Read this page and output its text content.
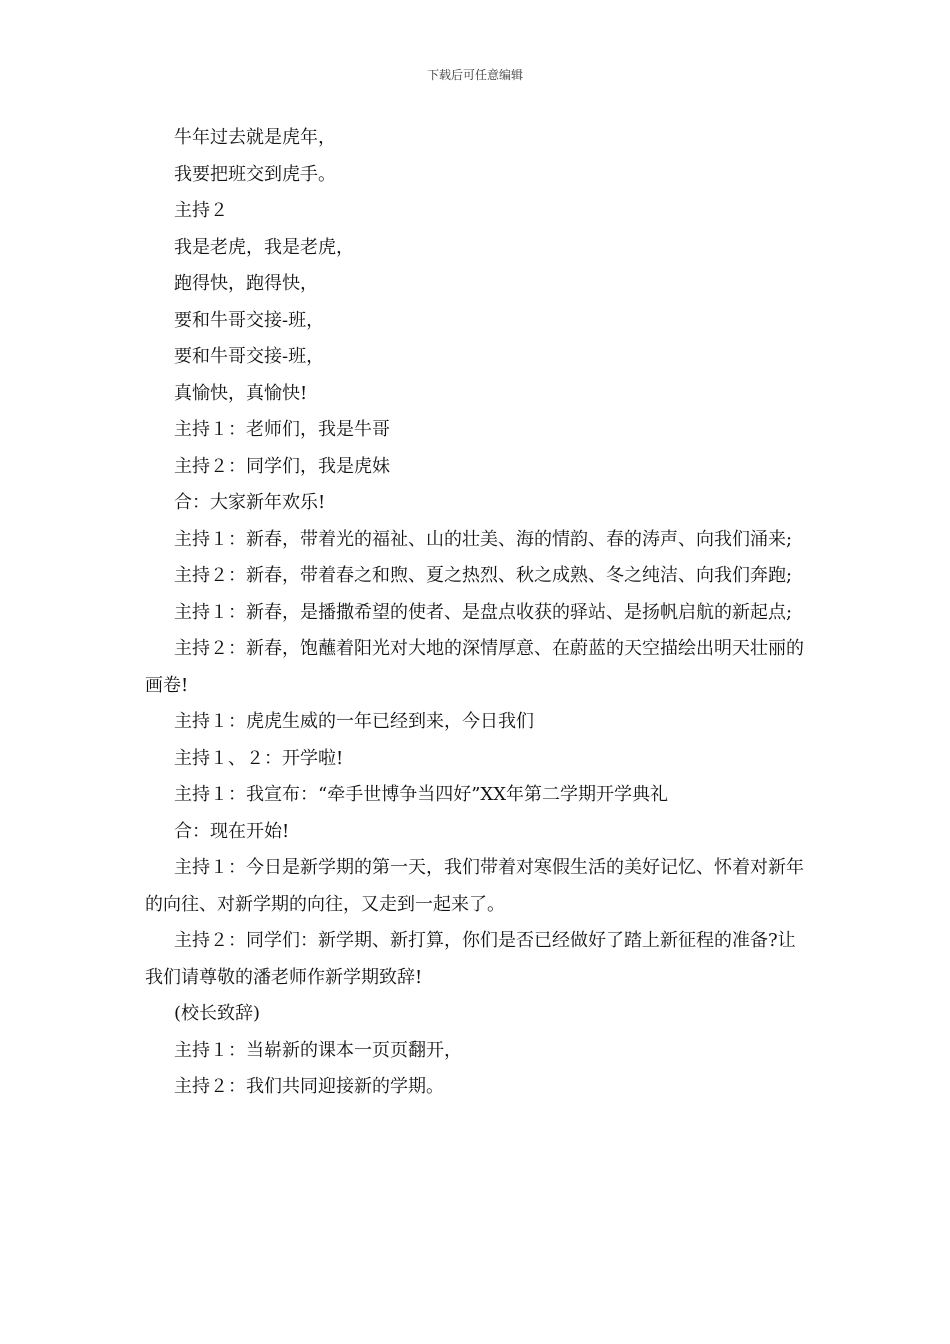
下载后可任意编辑
牛年过去就是虎年，
我要把班交到虎手。
主持２
我是老虎，我是老虎，
跑得快，跑得快，
要和牛哥交接-班，
要和牛哥交接-班，
真愉快，真愉快!
主持１：老师们，我是牛哥
主持２：同学们，我是虎妹
合：大家新年欢乐!

主持１：新春，带着光的福祉、山的壮美、海的情韵、春的涛声、向我们涌来;

主持２：新春，带着春之和煦、夏之热烈、秋之成熟、冬之纯洁、向我们奔跑;

主持１：新春，是播撒希望的使者、是盘点收获的驿站、是扬帆启航的新起点;

主持２：新春，饱蘸着阳光对大地的深情厚意、在蔚蓝的天空描绘出明天壮丽的画卷!

主持１：虎虎生威的一年已经到来，今日我们
主持１、２：开学啦!
主持１：我宣布：“牵手世博争当四好”XX年第二学期开学典礼
合：现在开始!

主持１：今日是新学期的第一天，我们带着对寒假生活的美好记忆、怀着对新年的向往、对新学期的向往，又走到一起来了。

主持２：同学们：新学期、新打算，你们是否已经做好了踏上新征程的准备?让我们请尊敬的潘老师作新学期致辞!

(校长致辞)
主持１：当崭新的课本一页页翻开，
主持２：我们共同迎接新的学期。
